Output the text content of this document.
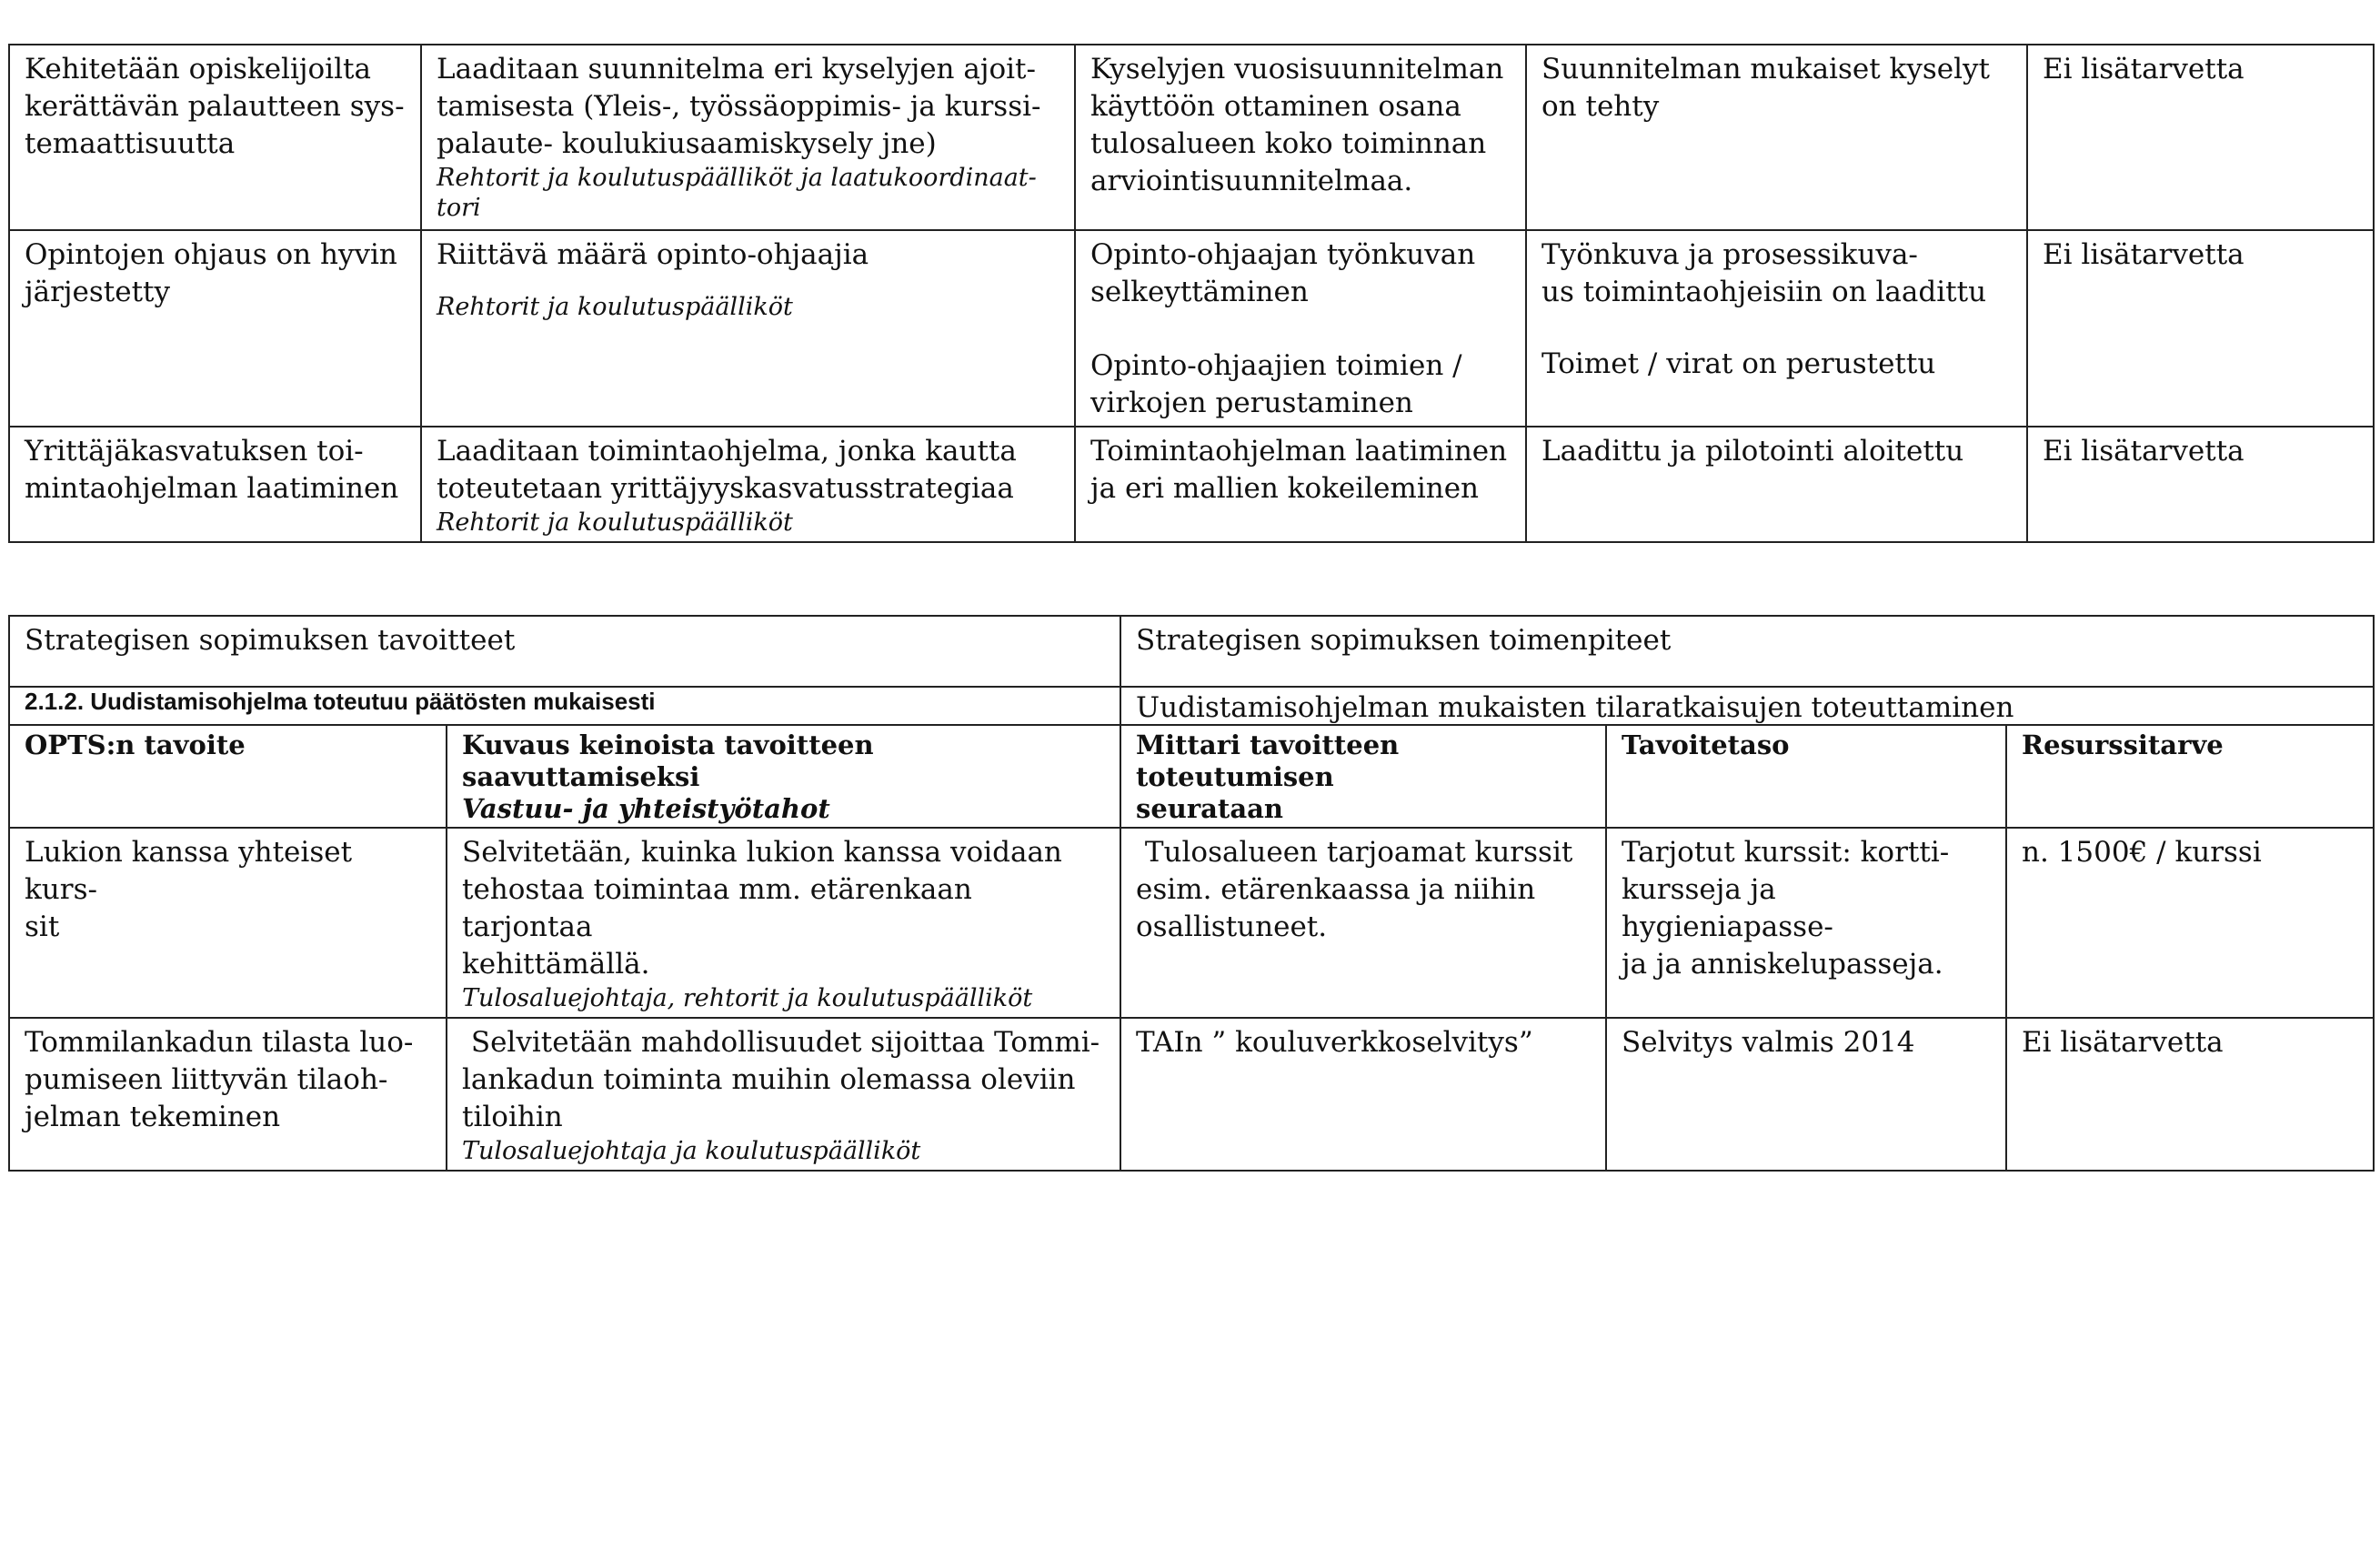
Kehitetään opiskelijoilta
kerättävän palautteen sys-
temaattisuutta	Laaditaan suunnitelma eri kyselyjen ajoit-
tamisesta (Yleis-, työssäoppimis- ja kurssi-
palaute- koulukiusaamiskysely jne)
Rehtorit ja koulutuspäälliköt ja laatukoordinaat-
tori	Kyselyjen vuosisuunnitelman
käyttöön ottaminen osana
tulosalueen koko toiminnan
arviointisuunnitelmaa.	Suunnitelman mukaiset kyselyt
on tehty	Ei lisätarvetta

Opintojen ohjaus on hyvin
järjestetty	Riittävä määrä opinto-ohjaajia
Rehtorit ja koulutuspäälliköt	Opinto-ohjaajan työnkuvan
selkeyttäminen
Opinto-ohjaajien toimien /
virkojen perustaminen	Työnkuva ja prosessikuva-
us toimintaohjeisiin on laadittu
Toimet / virat on perustettu	Ei lisätarvetta

Yrittäjäkasvatuksen toi-
mintaohjelman laatiminen	Laaditaan toimintaohjelma, jonka kautta
toteutetaan yrittäjyyskasvatusstrategiaa
Rehtorit ja koulutuspäälliköt	Toimintaohjelman laatiminen
ja eri mallien kokeileminen	Laadittu ja pilotointi aloitettu	Ei lisätarvetta
Strategisen sopimuksen tavoitteet		Strategisen sopimuksen toimenpiteet		
2.1.2. Uudistamisohjelma toteutuu päätösten mukaisesti		Uudistamisohjelman mukaisten tilaratkaisujen toteuttaminen		
OPTS:n tavoite	Kuvaus keinoista tavoitteen saavuttamiseksi
Vastuu- ja yhteistyötahot	Mittari tavoitteen toteutumisen
seurataan	Tavoitetaso	Resurssitarve

Lukion kanssa yhteiset kurs-
sit	Selvitetään, kuinka lukion kanssa voidaan
tehostaa toimintaa mm. etärenkaan tarjontaa
kehittämällä.
Tulosaluejohtaja, rehtorit ja koulutuspäälliköt	Tulosalueen tarjoamat kurssit
esim. etärenkaassa ja niihin
osallistuneet.	Tarjotut kurssit: kortti-
kursseja ja hygieniapasse-
ja ja anniskelupasseja.	n. 1500€ / kurssi

Tommilankadun tilasta luo-
pumiseen liittyvän tilaoh-
jelman tekeminen	Selvitetään mahdollisuudet sijoittaa Tommi-
lankadun toiminta muihin olemassa oleviin
tiloihin
Tulosaluejohtaja ja koulutuspäälliköt	TAIn ” kouluverkkoselvitys”	Selvitys valmis 2014	Ei lisätarvetta
